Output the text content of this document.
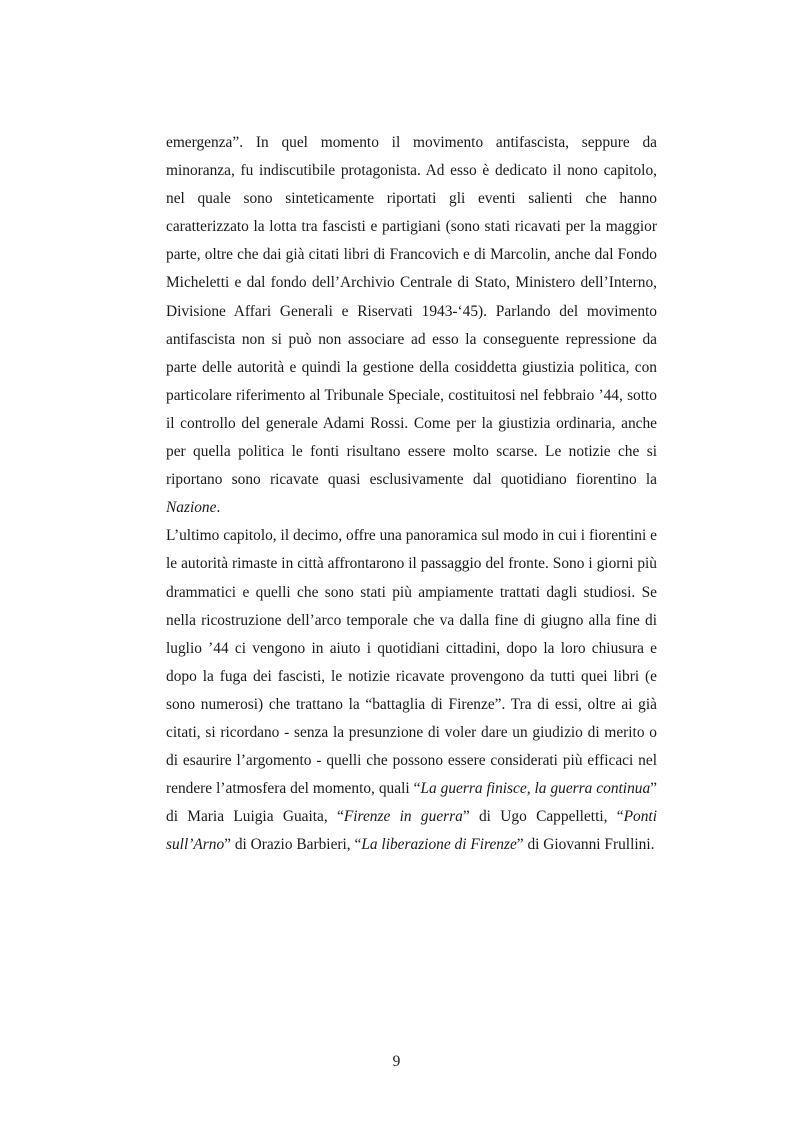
emergenza”. In quel momento il movimento antifascista, seppure da minoranza, fu indiscutibile protagonista. Ad esso è dedicato il nono capitolo, nel quale sono sinteticamente riportati gli eventi salienti che hanno caratterizzato la lotta tra fascisti e partigiani (sono stati ricavati per la maggior parte, oltre che dai già citati libri di Francovich e di Marcolin, anche dal Fondo Micheletti e dal fondo dell’Archivio Centrale di Stato, Ministero dell’Interno, Divisione Affari Generali e Riservati 1943-‘45). Parlando del movimento antifascista non si può non associare ad esso la conseguente repressione da parte delle autorità e quindi la gestione della cosiddetta giustizia politica, con particolare riferimento al Tribunale Speciale, costituitosi nel febbraio ’44, sotto il controllo del generale Adami Rossi. Come per la giustizia ordinaria, anche per quella politica le fonti risultano essere molto scarse. Le notizie che si riportano sono ricavate quasi esclusivamente dal quotidiano fiorentino la Nazione.

L’ultimo capitolo, il decimo, offre una panoramica sul modo in cui i fiorentini e le autorità rimaste in città affrontarono il passaggio del fronte. Sono i giorni più drammatici e quelli che sono stati più ampiamente trattati dagli studiosi. Se nella ricostruzione dell’arco temporale che va dalla fine di giugno alla fine di luglio ’44 ci vengono in aiuto i quotidiani cittadini, dopo la loro chiusura e dopo la fuga dei fascisti, le notizie ricavate provengono da tutti quei libri (e sono numerosi) che trattano la “battaglia di Firenze”. Tra di essi, oltre ai già citati, si ricordano - senza la presunzione di voler dare un giudizio di merito o di esaurire l’argomento - quelli che possono essere considerati più efficaci nel rendere l’atmosfera del momento, quali “La guerra finisce, la guerra continua” di Maria Luigia Guaita, “Firenze in guerra” di Ugo Cappelletti, “Ponti sull’Arno” di Orazio Barbieri, “La liberazione di Firenze” di Giovanni Frullini.

9
